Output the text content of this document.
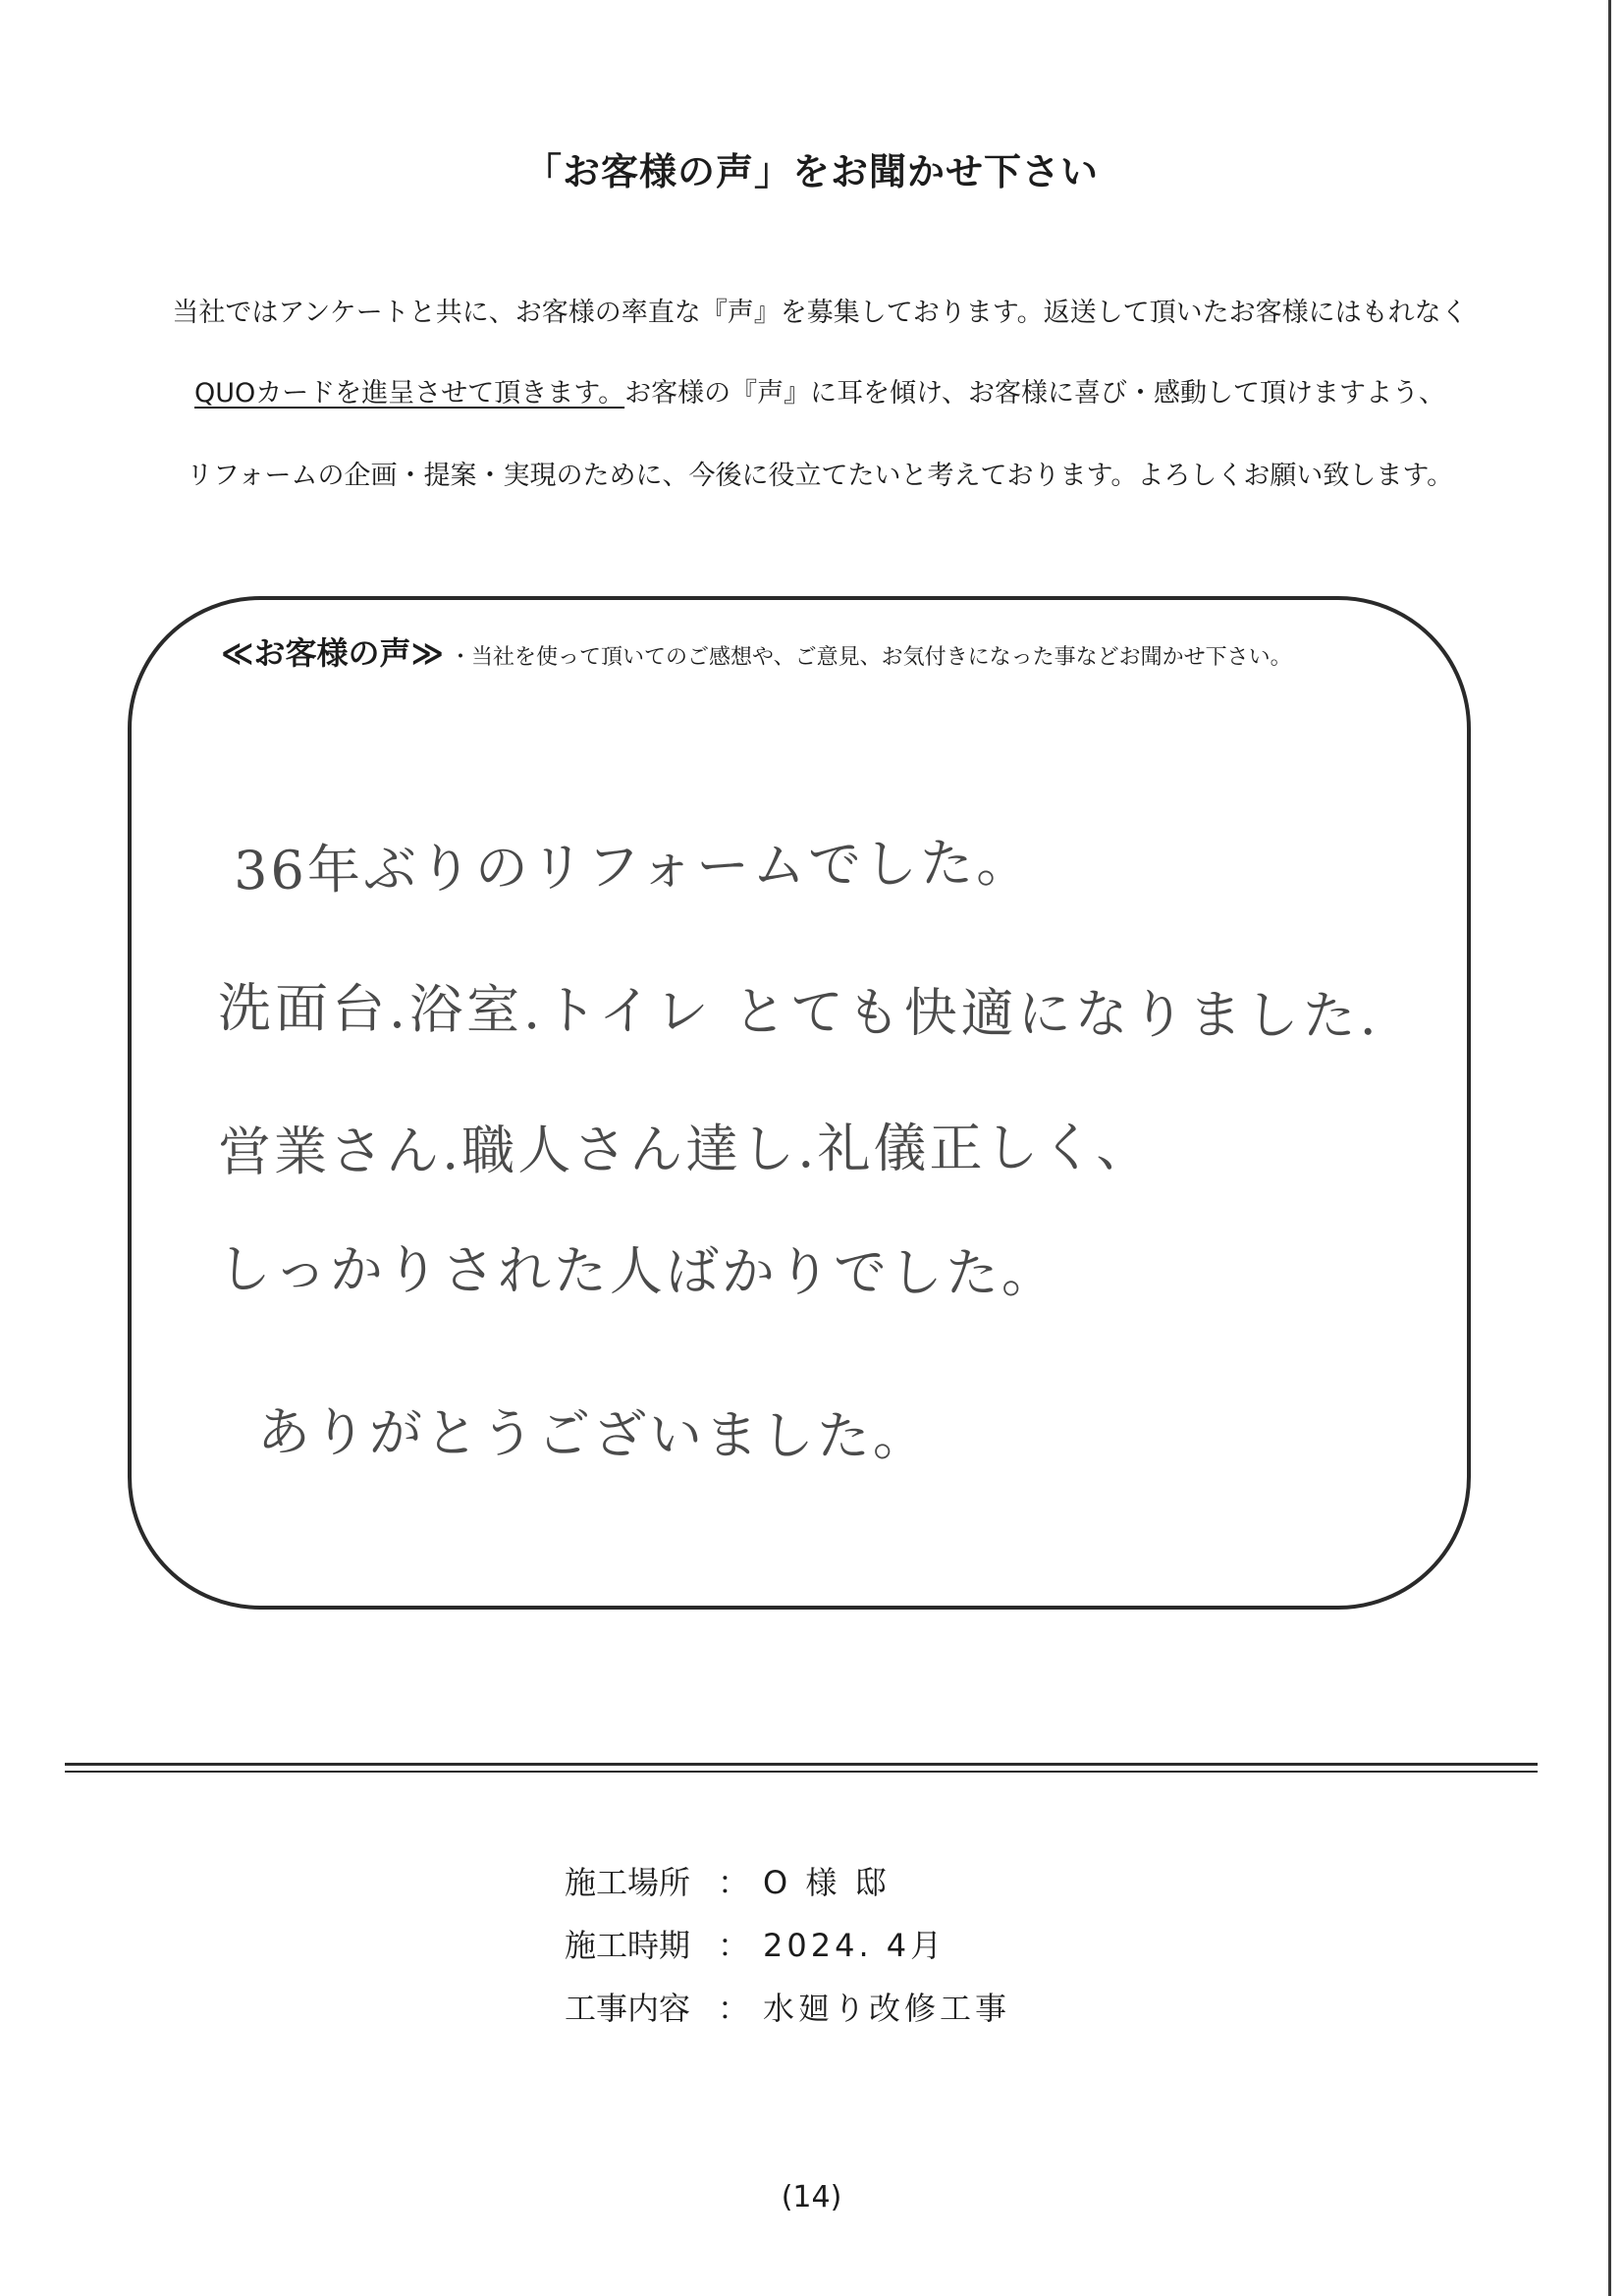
「お客様の声」をお聞かせ下さい
当社ではアンケートと共に、お客様の率直な『声』を募集しております。返送して頂いたお客様にはもれなく
QUOカードを進呈させて頂きます。お客様の『声』に耳を傾け、お客様に喜び・感動して頂けますよう、
リフォームの企画・提案・実現のために、今後に役立てたいと考えております。よろしくお願い致します。
≪お客様の声≫ ・当社を使って頂いてのご感想や、ご意見、お気付きになった事などお聞かせ下さい。
36年ぶりのリフォームでした。
洗面台.浴室.トイレ とても快適になりました.
営業さん.職人さん達し.礼儀正しく、
しっかりされた人ばかりでした。
ありがとうございました。
施工場所 ： O 様 邸
施工時期 ： 2024. 4月
工事内容 ： 水廻り改修工事
(14)
